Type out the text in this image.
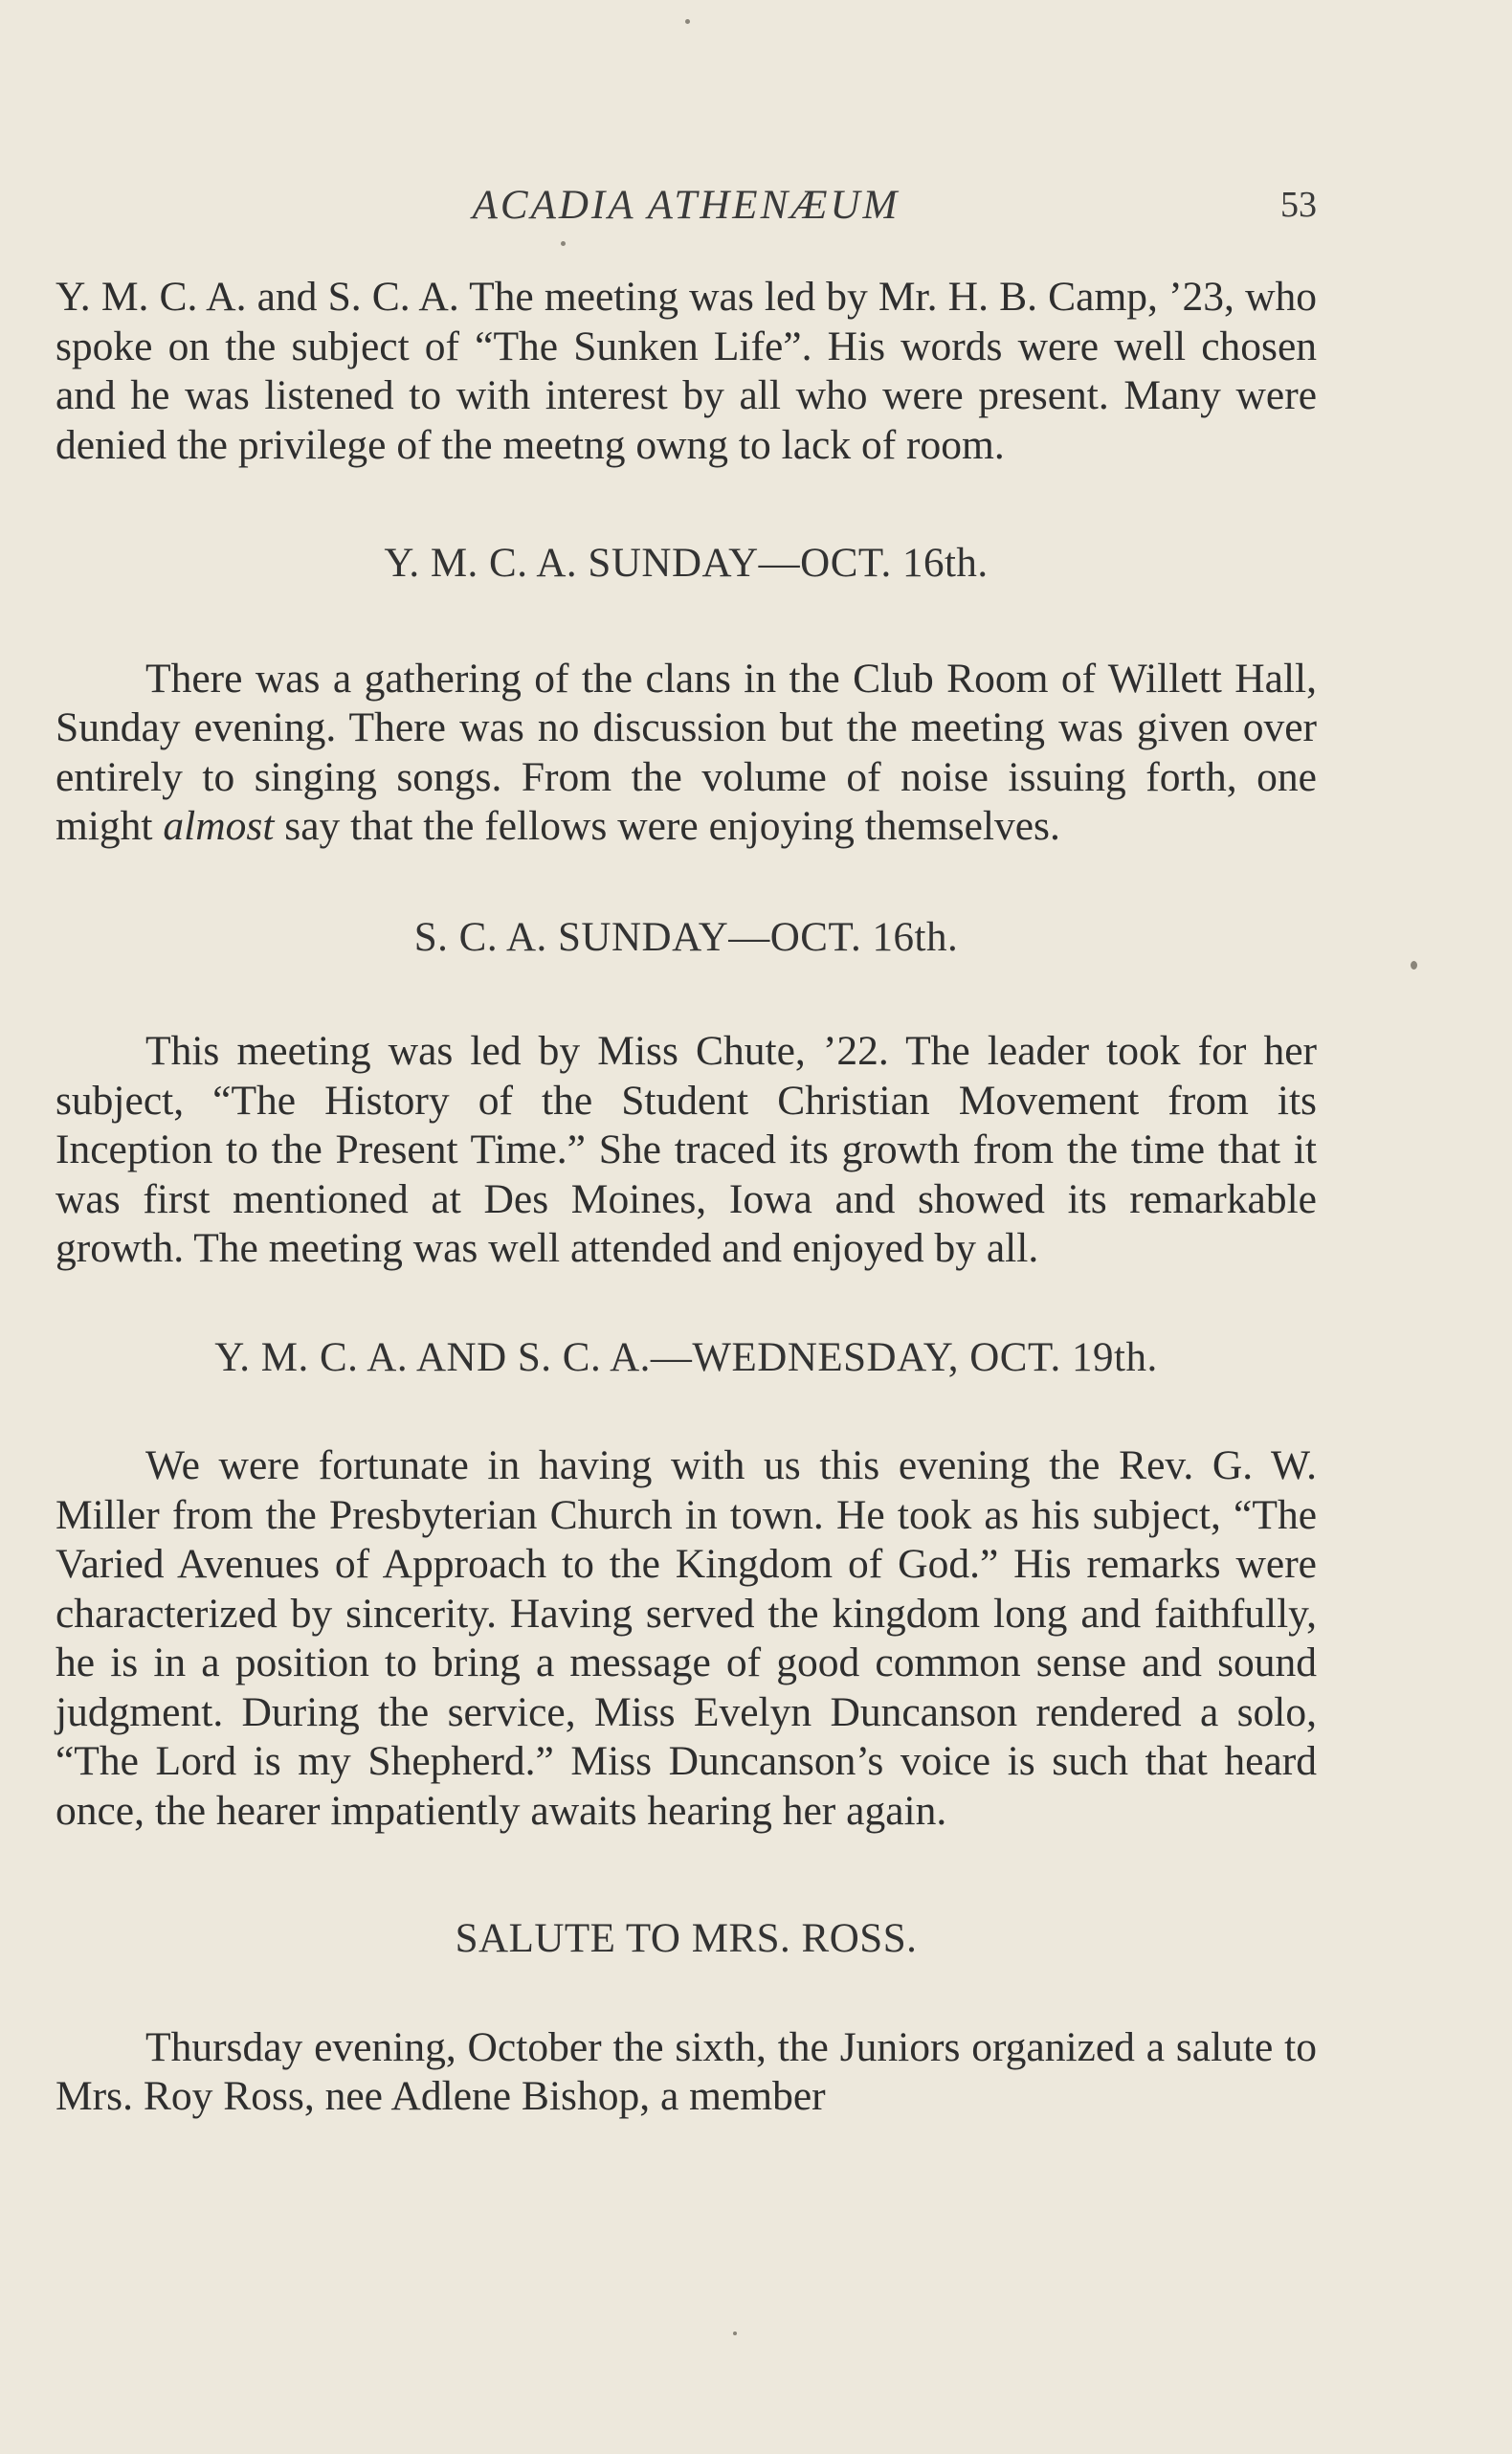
ACADIA ATHENÆUM	53

Y. M. C. A. and S. C. A. The meeting was led by Mr. H. B. Camp, ’23, who spoke on the subject of “The Sunken Life”. His words were well chosen and he was listened to with interest by all who were present. Many were denied the privilege of the meetng owng to lack of room.

Y. M. C. A. SUNDAY—OCT. 16th.

There was a gathering of the clans in the Club Room of Willett Hall, Sunday evening. There was no discussion but the meeting was given over entirely to singing songs. From the volume of noise issuing forth, one might almost say that the fellows were enjoying themselves.

S. C. A. SUNDAY—OCT. 16th.

This meeting was led by Miss Chute, ’22. The leader took for her subject, “The History of the Student Christian Movement from its Inception to the Present Time.” She traced its growth from the time that it was first mentioned at Des Moines, Iowa and showed its remarkable growth. The meeting was well attended and enjoyed by all.

Y. M. C. A. AND S. C. A.—WEDNESDAY, OCT. 19th.

We were fortunate in having with us this evening the Rev. G. W. Miller from the Presbyterian Church in town. He took as his subject, “The Varied Avenues of Approach to the Kingdom of God.” His remarks were characterized by sincerity. Having served the kingdom long and faithfully, he is in a position to bring a message of good common sense and sound judgment. During the service, Miss Evelyn Duncanson rendered a solo, “The Lord is my Shepherd.” Miss Duncanson’s voice is such that heard once, the hearer impatiently awaits hearing her again.

SALUTE TO MRS. ROSS.

Thursday evening, October the sixth, the Juniors organized a salute to Mrs. Roy Ross, nee Adlene Bishop, a member
